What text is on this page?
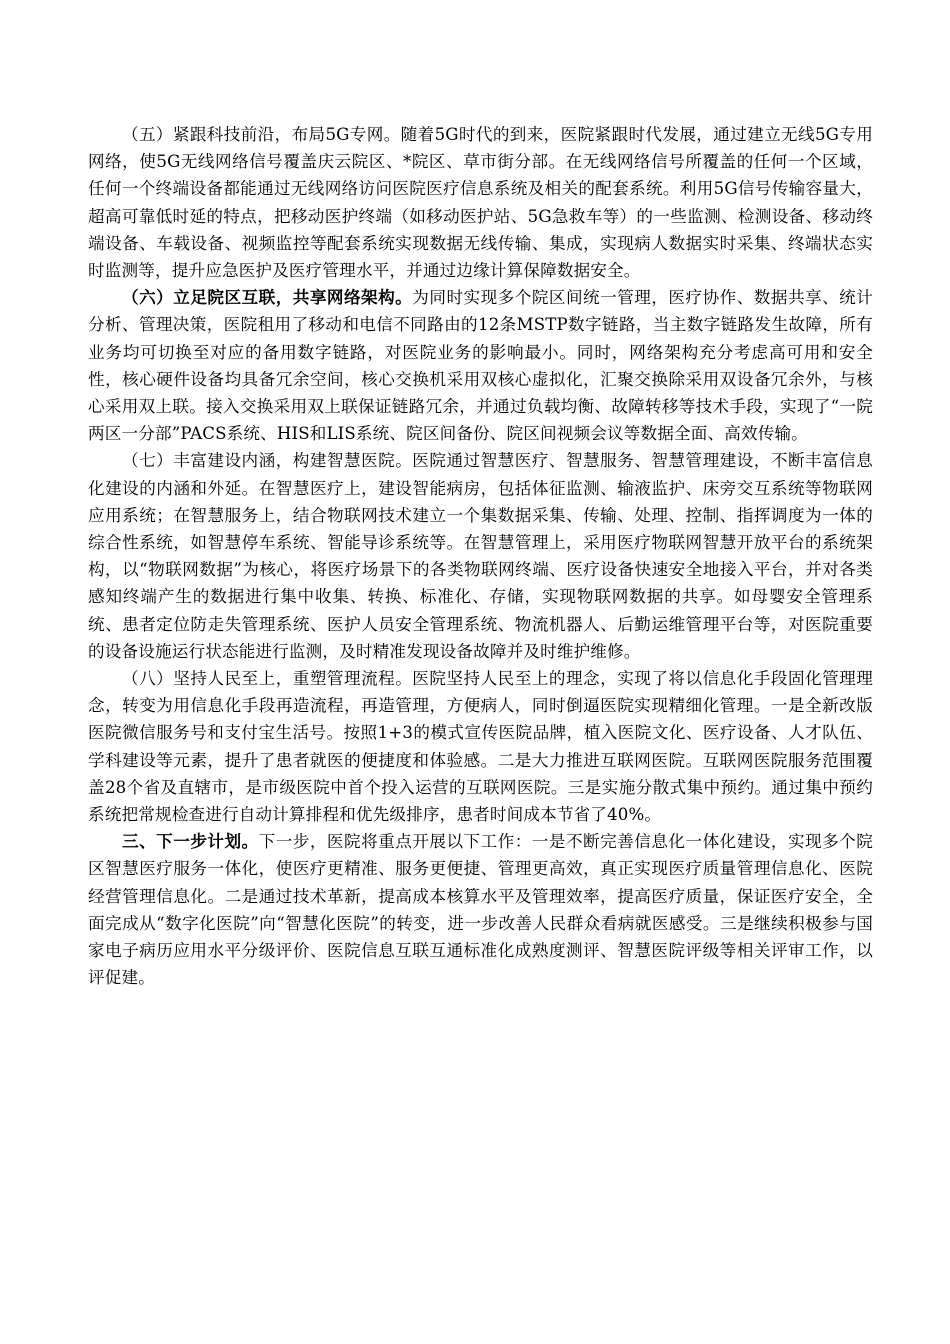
（五）紧跟科技前沿，布局5G专网。随着5G时代的到来，医院紧跟时代发展，通过建立无线5G专用网络，使5G无线网络信号覆盖庆云院区、*院区、草市街分部。在无线网络信号所覆盖的任何一个区域，任何一个终端设备都能通过无线网络访问医院医疗信息系统及相关的配套系统。利用5G信号传输容量大，超高可靠低时延的特点，把移动医护终端（如移动医护站、5G急救车等）的一些监测、检测设备、移动终端设备、车载设备、视频监控等配套系统实现数据无线传输、集成，实现病人数据实时采集、终端状态实时监测等，提升应急医护及医疗管理水平，并通过边缘计算保障数据安全。

（六）立足院区互联，共享网络架构。为同时实现多个院区间统一管理，医疗协作、数据共享、统计分析、管理决策，医院租用了移动和电信不同路由的12条MSTP数字链路，当主数字链路发生故障，所有业务均可切换至对应的备用数字链路，对医院业务的影响最小。同时，网络架构充分考虑高可用和安全性，核心硬件设备均具备冗余空间，核心交换机采用双核心虚拟化，汇聚交换除采用双设备冗余外，与核心采用双上联。接入交换采用双上联保证链路冗余，并通过负载均衡、故障转移等技术手段，实现了“一院两区一分部”PACS系统、HIS和LIS系统、院区间备份、院区间视频会议等数据全面、高效传输。

（七）丰富建设内涵，构建智慧医院。医院通过智慧医疗、智慧服务、智慧管理建设，不断丰富信息化建设的内涵和外延。在智慧医疗上，建设智能病房，包括体征监测、输液监护、床旁交互系统等物联网应用系统；在智慧服务上，结合物联网技术建立一个集数据采集、传输、处理、控制、指挥调度为一体的综合性系统，如智慧停车系统、智能导诊系统等。在智慧管理上，采用医疗物联网智慧开放平台的系统架构，以“物联网数据”为核心，将医疗场景下的各类物联网终端、医疗设备快速安全地接入平台，并对各类感知终端产生的数据进行集中收集、转换、标准化、存储，实现物联网数据的共享。如母婴安全管理系统、患者定位防走失管理系统、医护人员安全管理系统、物流机器人、后勤运维管理平台等，对医院重要的设备设施运行状态能进行监测，及时精准发现设备故障并及时维护维修。

（八）坚持人民至上，重塑管理流程。医院坚持人民至上的理念，实现了将以信息化手段固化管理理念，转变为用信息化手段再造流程，再造管理，方便病人，同时倒逼医院实现精细化管理。一是全新改版医院微信服务号和支付宝生活号。按照1+3的模式宣传医院品牌，植入医院文化、医疗设备、人才队伍、学科建设等元素，提升了患者就医的便捷度和体验感。二是大力推进互联网医院。互联网医院服务范围覆盖28个省及直辖市，是市级医院中首个投入运营的互联网医院。三是实施分散式集中预约。通过集中预约系统把常规检查进行自动计算排程和优先级排序，患者时间成本节省了40%。

三、下一步计划。下一步，医院将重点开展以下工作：一是不断完善信息化一体化建设，实现多个院区智慧医疗服务一体化，使医疗更精准、服务更便捷、管理更高效，真正实现医疗质量管理信息化、医院经营管理信息化。二是通过技术革新，提高成本核算水平及管理效率，提高医疗质量，保证医疗安全，全面完成从“数字化医院”向“智慧化医院”的转变，进一步改善人民群众看病就医感受。三是继续积极参与国家电子病历应用水平分级评价、医院信息互联互通标准化成熟度测评、智慧医院评级等相关评审工作，以评促建。
